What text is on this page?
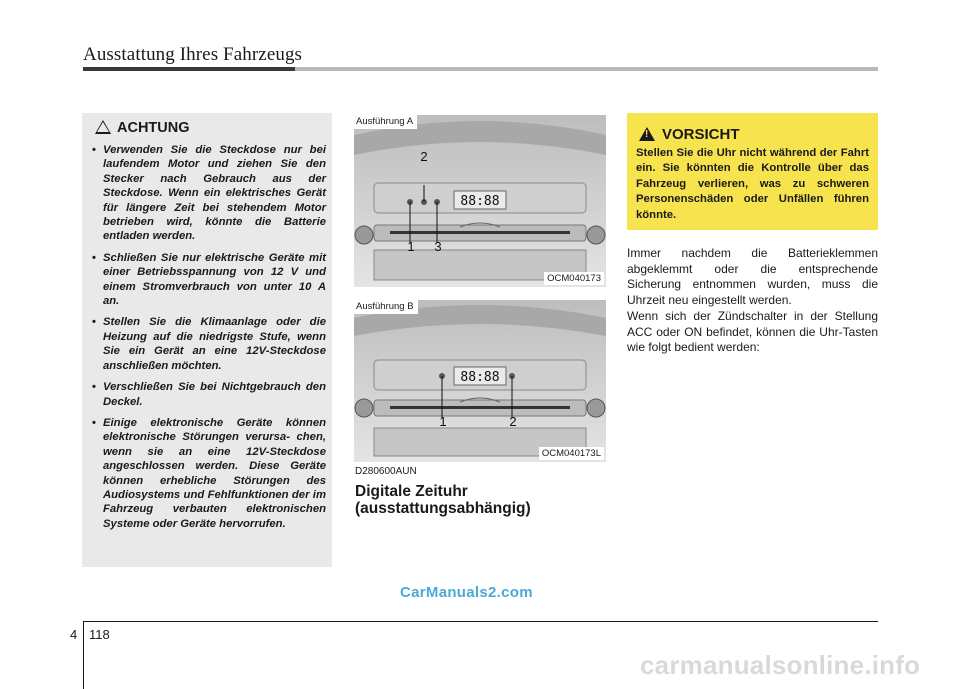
Ausstattung Ihres Fahrzeugs
ACHTUNG
• Verwenden Sie die Steckdose nur bei laufendem Motor und ziehen Sie den Stecker nach Gebrauch aus der Steckdose. Wenn ein elektrisches Gerät für längere Zeit bei stehendem Motor betrieben wird, könnte die Batterie entladen werden.
• Schließen Sie nur elektrische Geräte mit einer Betriebsspannung von 12 V und einem Stromverbrauch von unter 10 A an.
• Stellen Sie die Klimaanlage oder die Heizung auf die niedrigste Stufe, wenn Sie ein Gerät an eine 12V-Steckdose anschließen möchten.
• Verschließen Sie bei Nichtgebrauch den Deckel.
• Einige elektronische Geräte können elektronische Störungen verursa- chen, wenn sie an eine 12V-Steckdose angeschlossen werden. Diese Geräte können erhebliche Störungen des Audiosystems und Fehlfunktionen der im Fahrzeug verbauten elektronischen Systeme oder Geräte hervorrufen.
88:88
2
1 3
Ausführung A
OCM040173
88:88
1	2
Ausführung B
OCM040173L
D280600AUN
Digitale Zeituhr (ausstattungsabhängig)
!VORSICHT
Stellen Sie die Uhr nicht während der Fahrt ein. Sie könnten die Kontrolle über das Fahrzeug verlieren, was zu schweren Personenschäden oder Unfällen führen könnte.
Immer nachdem die Batterieklemmen abgeklemmt oder die entsprechende Sicherung entnommen wurden, muss die Uhrzeit neu eingestellt werden.
Wenn sich der Zündschalter in der Stellung ACC oder ON befindet, können die Uhr-Tasten wie folgt bedient werden:
CarManuals2.com
4 118
carmanualsonline.info
